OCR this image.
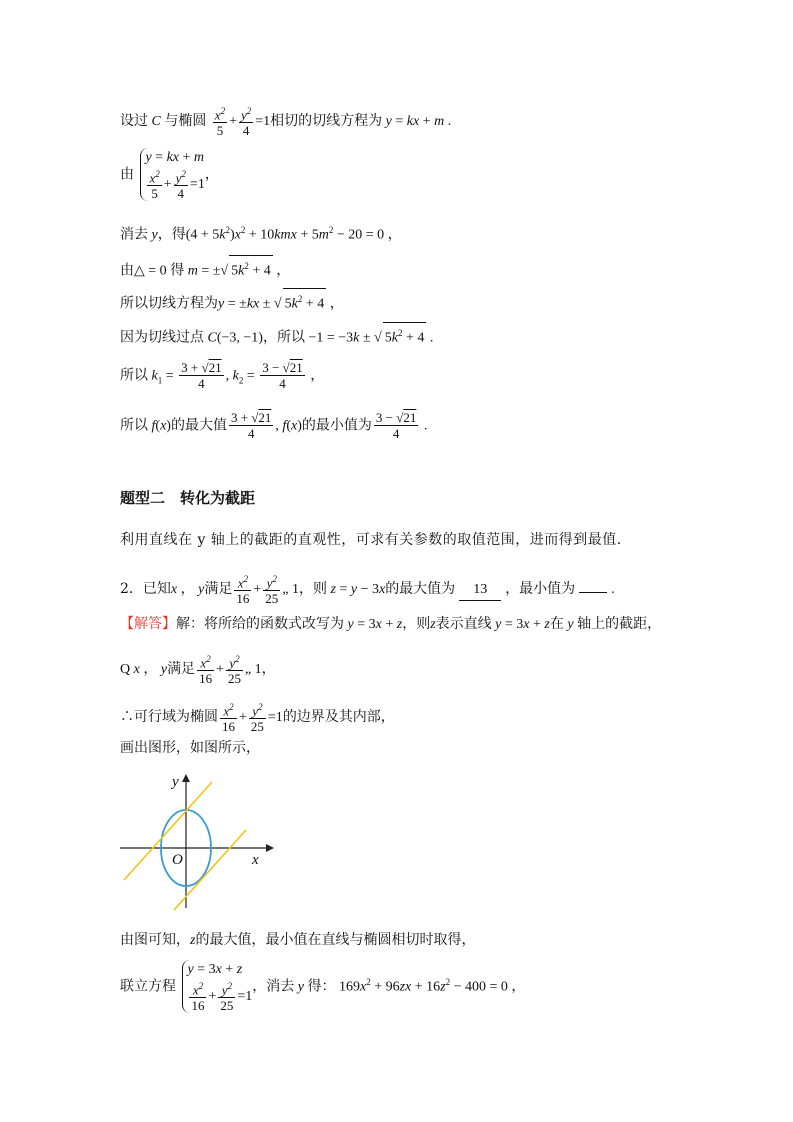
设过 C 与椭圆 $\frac{x^2}{5} + \frac{y^2}{4} =1$相切的切线方程为 y = kx + m .
由
y = kx + m
$\frac{x^2}{5} + \frac{y^2}{4} =1$
，
消去 y，得$(4 + 5k^2)x^2 + 10kmx + 5m^2 - 20 = 0$ ，
由△ = 0 得 m = ±√ $5k^2 + 4$ ，
所以切线方程为y = ±kx ± √ $5k^2 + 4$ ，
因为切线过点 C(−3, −1)，所以 −1 = −3k ± √ $5k^2 + 4$ .
所以 $k_1 = \frac{3 + √21}{4}$ , $k_2 = \frac{3 - √21}{4}$ ，
所以 f(x)的最大值 $\frac{3 + √21}{4}$ , f(x)的最小值为 $\frac{3 - √21}{4}$ .
题型二　转化为截距
利用直线在 y 轴上的截距的直观性，可求有关参数的取值范围，进而得到最值.
2．已知x ， y满足 $\frac{x^2}{16} + \frac{y^2}{25}$ „ 1，则 z = y − 3x的最大值为 13 ，最小值为	.
【解答】解：将所给的函数式改写为 y = 3x + z，则z表示直线 y = 3x + z在 y 轴上的截距，
Q x ， y满足 $\frac{x^2}{16} + \frac{y^2}{25}$ „ 1，
∴可行域为椭圆 $\frac{x^2}{16} + \frac{y^2}{25} =1$的边界及其内部，
画出图形，如图所示，
y
x
O
由图可知，z的最大值，最小值在直线与椭圆相切时取得，
联立方程
y = 3x + z
$\frac{x^2}{16} + \frac{y^2}{25} =1$
，消去 y 得： $169x^2 + 96zx + 16z^2 - 400 = 0$ ，
